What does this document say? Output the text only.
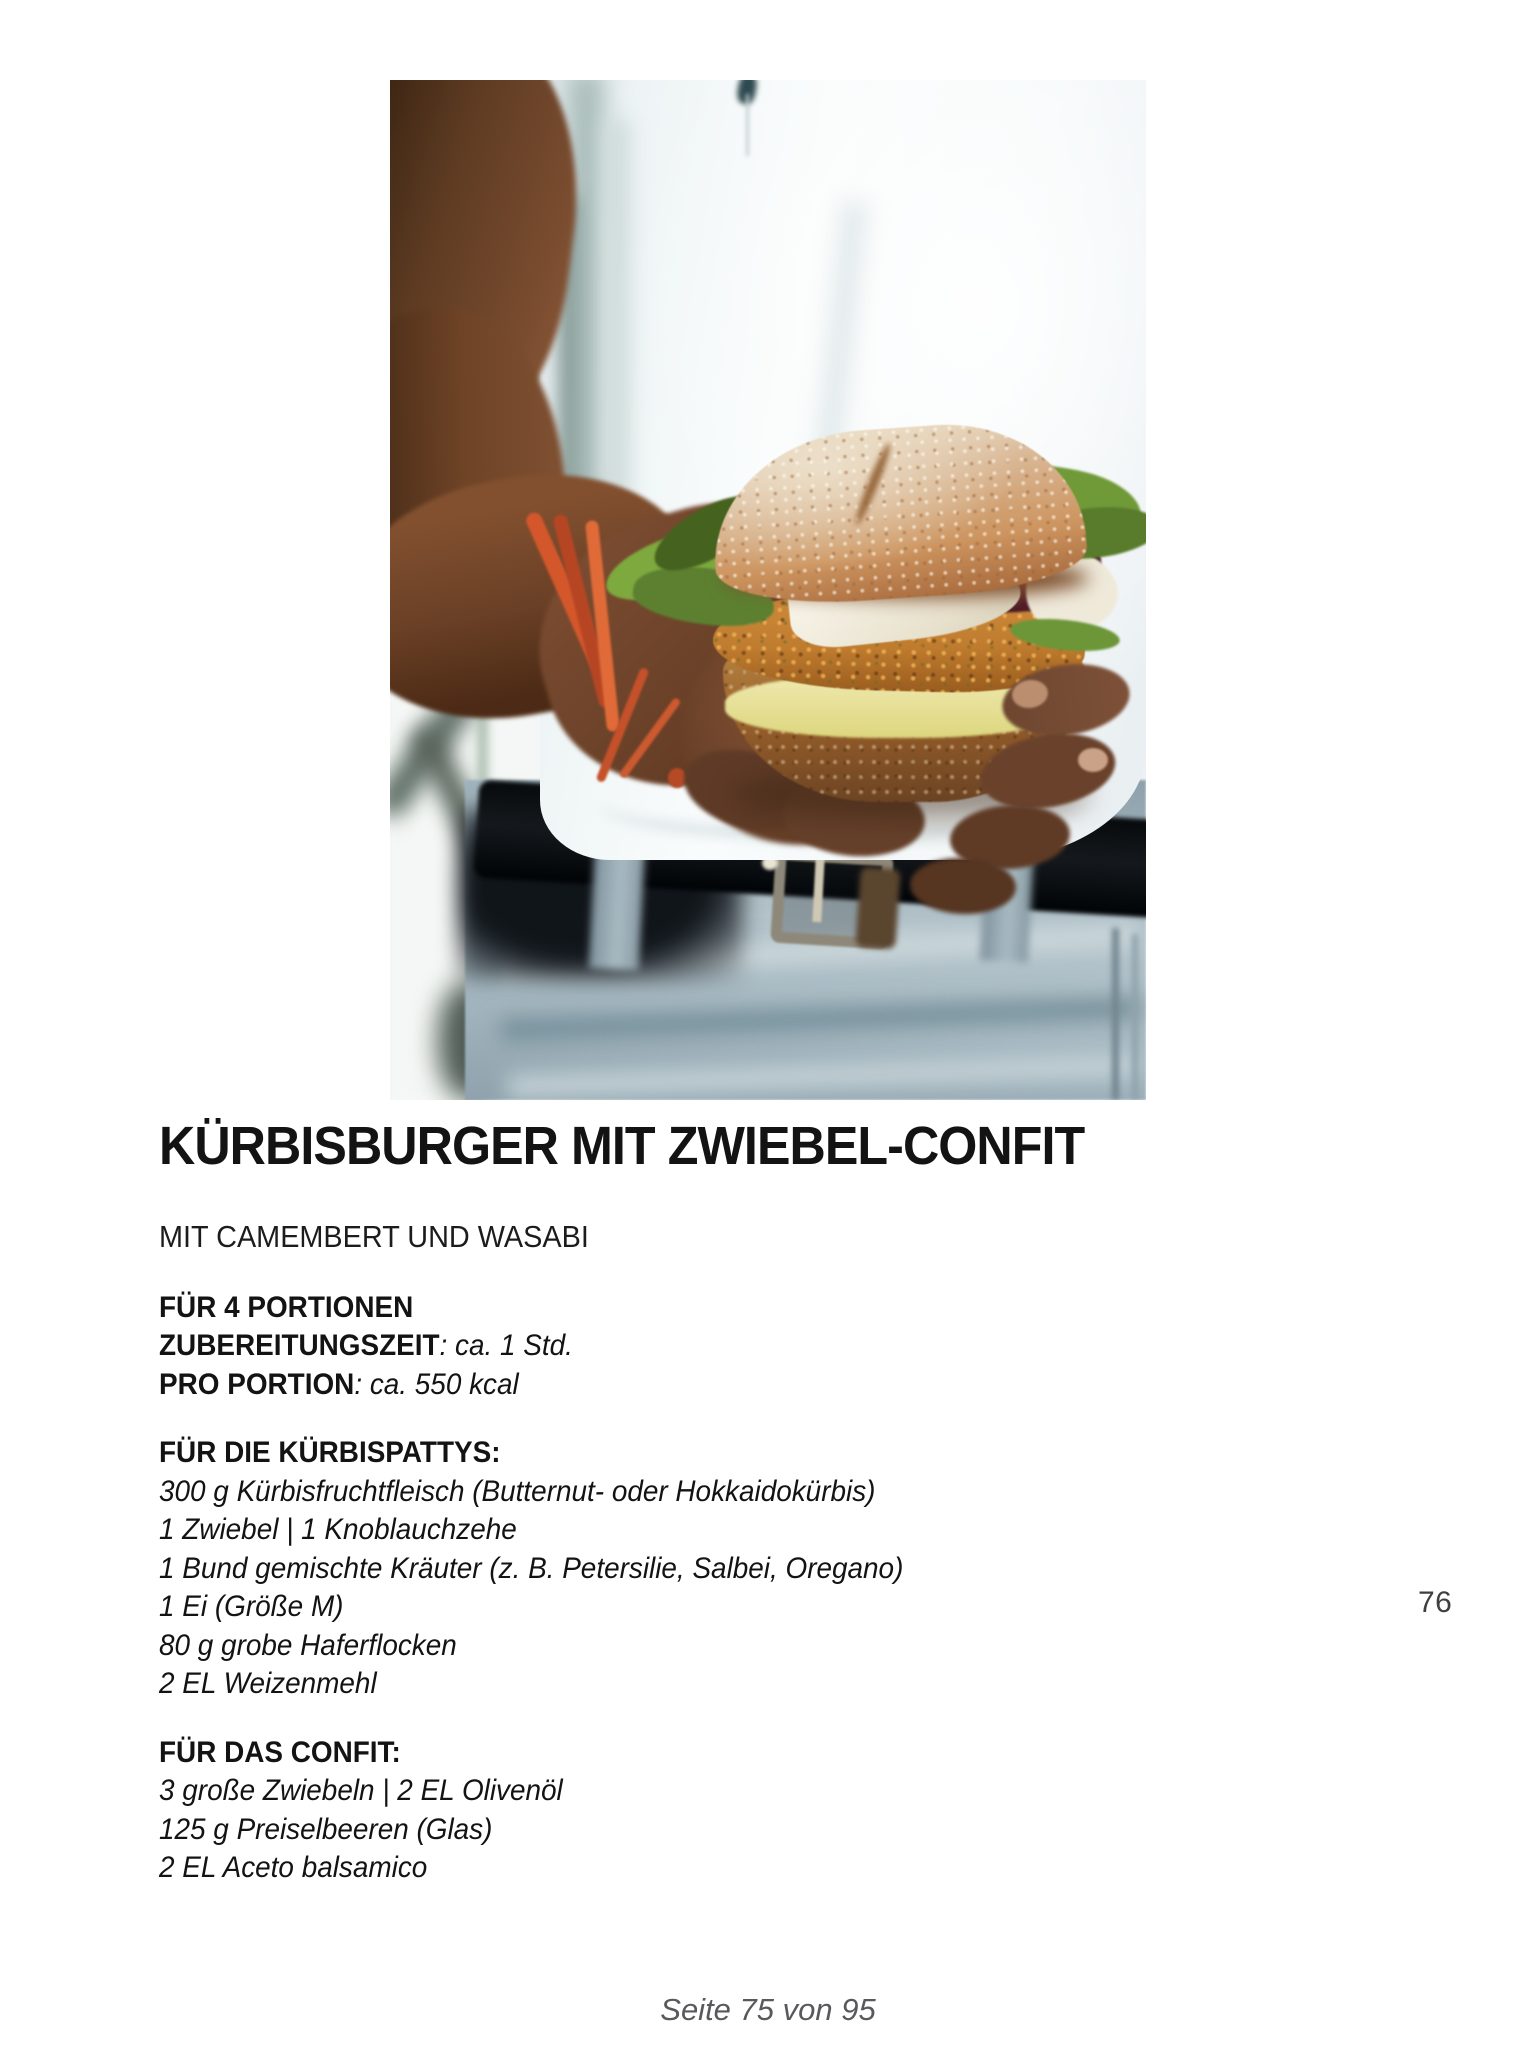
KÜRBISBURGER MIT ZWIEBEL-CONFIT
MIT CAMEMBERT UND WASABI
FÜR 4 PORTIONEN
ZUBEREITUNGSZEIT: ca. 1 Std.
PRO PORTION: ca. 550 kcal
FÜR DIE KÜRBISPATTYS:
300 g Kürbisfruchtfleisch (Butternut- oder Hokkaidokürbis)
1 Zwiebel | 1 Knoblauchzehe
1 Bund gemischte Kräuter (z. B. Petersilie, Salbei, Oregano)
1 Ei (Größe M)
80 g grobe Haferflocken
2 EL Weizenmehl
FÜR DAS CONFIT:
3 große Zwiebeln | 2 EL Olivenöl
125 g Preiselbeeren (Glas)
2 EL Aceto balsamico
76
Seite 75 von 95
